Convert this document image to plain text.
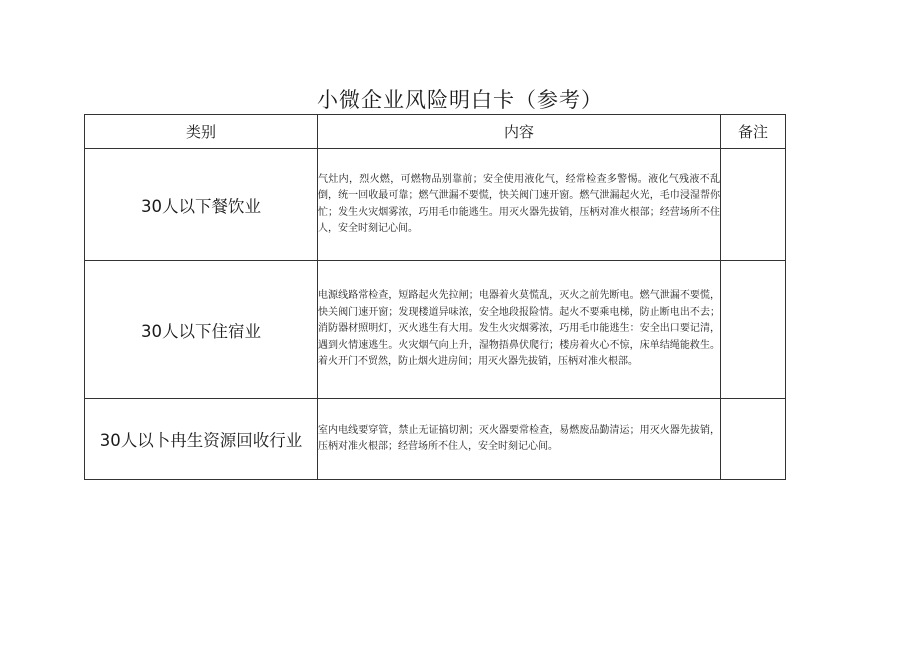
小微企业风险明白卡（参考）
类别	内容	备注
30人以下餐饮业	气灶内，烈火燃，可燃物品别靠前；安全使用液化气，经常检查多警惕。液化气残液不乱倒，统一回收最可靠；燃气泄漏不要慌，快关阀门速开窗。燃气泄漏起火光，毛巾浸湿帮你忙；发生火灾烟雾浓，巧用毛巾能逃生。用灭火器先拔销，压柄对准火根部；经营场所不住人，安全时刻记心间。	
30人以下住宿业	电源线路常检查，短路起火先拉闸；电器着火莫慌乱，灭火之前先断电。燃气泄漏不要慌，快关阀门速开窗；发现楼道异味浓，安全地段报险情。起火不要乘电梯，防止断电出不去；消防器材照明灯，灭火逃生有大用。发生火灾烟雾浓，巧用毛巾能逃生：安全出口要记清，遇到火情速逃生。火灾烟气向上升，湿物捂鼻伏爬行；楼房着火心不惊，床单结绳能救生。着火开门不贸然，防止烟火进房间；用灭火器先拔销，压柄对准火根部。	
30人以卜冉生资源回收行业	室内电线要穿管，禁止无证搞切割；灭火器要常检查，易燃废品勤清运；用灭火器先拔销，压柄对准火根部；经营场所不住人，安全时刻记心间。	
